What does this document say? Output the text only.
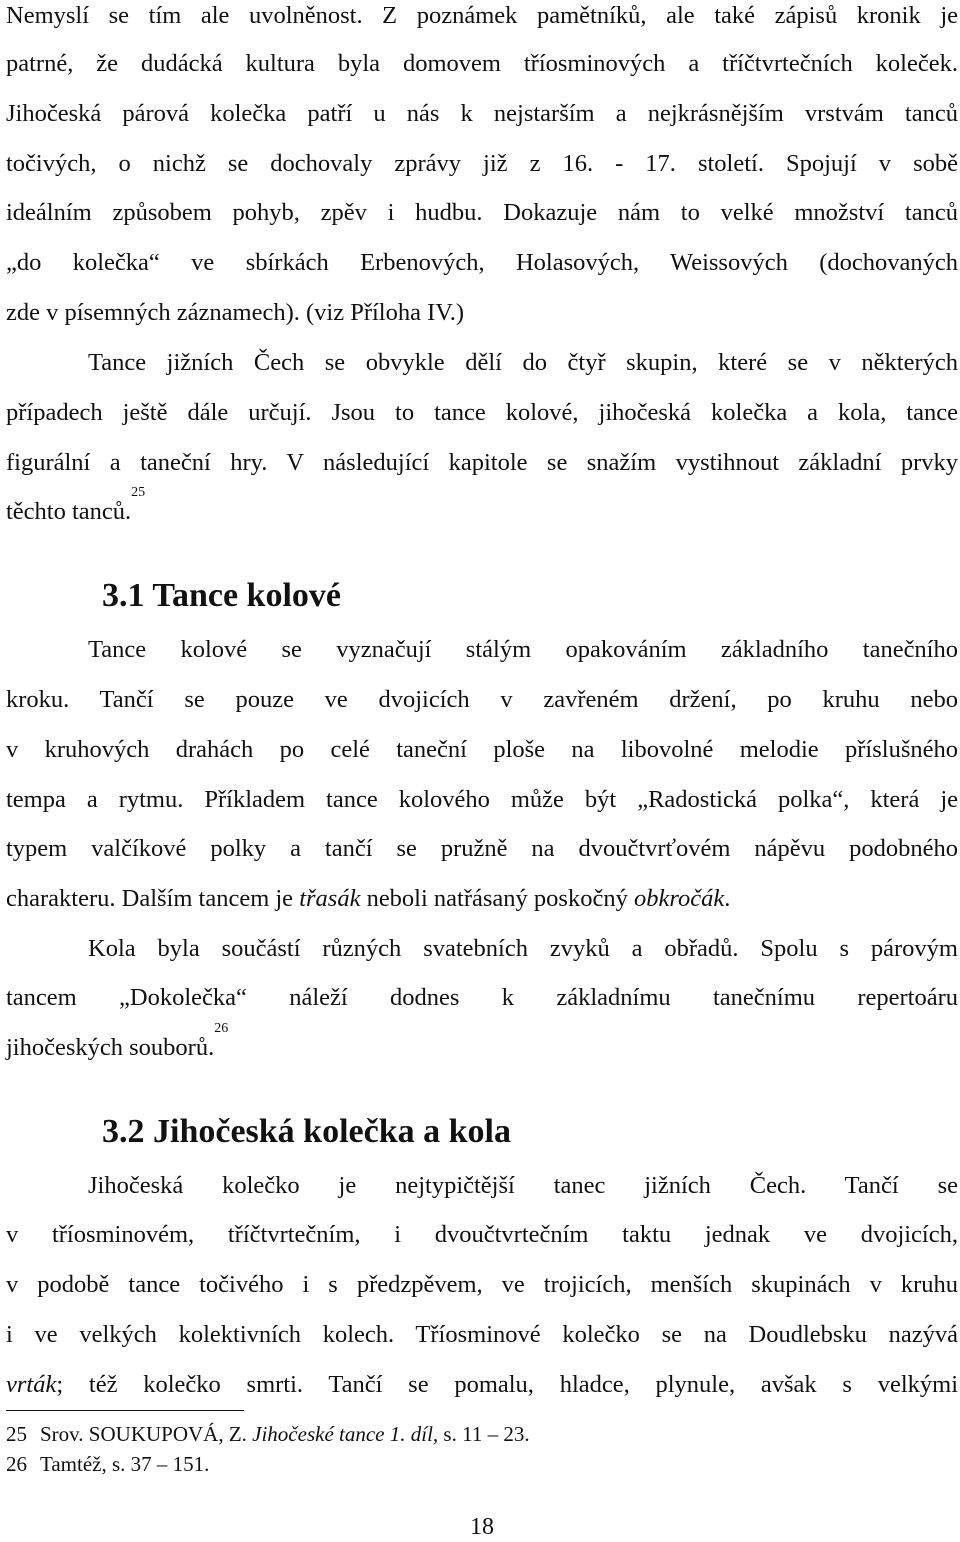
Nemyslí se tím ale uvolněnost. Z poznámek pamětníků, ale také zápisů kronik je
patrné, že dudácká kultura byla domovem tříosminových a tříčtvrtečních koleček.
Jihočeská párová kolečka patří u nás k nejstarším a nejkrásnějším vrstvám tanců
točivých, o nichž se dochovaly zprávy již z 16. - 17. století. Spojují v sobě
ideálním způsobem pohyb, zpěv i hudbu. Dokazuje nám to velké množství tanců
„do kolečka“ ve sbírkách Erbenových, Holasových, Weissových (dochovaných
zde v písemných záznamech). (viz Příloha IV.)
Tance jižních Čech se obvykle dělí do čtyř skupin, které se v některých
případech ještě dále určují. Jsou to tance kolové, jihočeská kolečka a kola, tance
figurální a taneční hry. V následující kapitole se snažím vystihnout základní prvky
těchto tanců.$^{25}$
3.1 Tance kolové
Tance kolové se vyznačují stálým opakováním základního tanečního
kroku. Tančí se pouze ve dvojicích v zavřeném držení, po kruhu nebo
v kruhových drahách po celé taneční ploše na libovolné melodie příslušného
tempa a rytmu. Příkladem tance kolového může být „Radostická polka“, která je
typem valčíkové polky a tančí se pružně na dvoučtvrťovém nápěvu podobného
charakteru. Dalším tancem je třasák neboli natřásaný poskočný obkročák.
Kola byla součástí různých svatebních zvyků a obřadů. Spolu s párovým
tancem „Dokolečka“ náleží dodnes k základnímu tanečnímu repertoáru
jihočeských souborů.$^{26}$
3.2 Jihočeská kolečka a kola
Jihočeská kolečko je nejtypičtější tanec jižních Čech. Tančí se
v tříosminovém, tříčtvrtečním, i dvoučtvrtečním taktu jednak ve dvojicích,
v podobě tance točivého i s předzpěvem, ve trojicích, menších skupinách v kruhu
i ve velkých kolektivních kolech. Tříosminové kolečko se na Doudlebsku nazývá
vrták; též kolečko smrti. Tančí se pomalu, hladce, plynule, avšak s velkými
25 Srov. SOUKUPOVÁ, Z. Jihočeské tance 1. díl, s. 11 – 23.
26 Tamtéž, s. 37 – 151.
18
